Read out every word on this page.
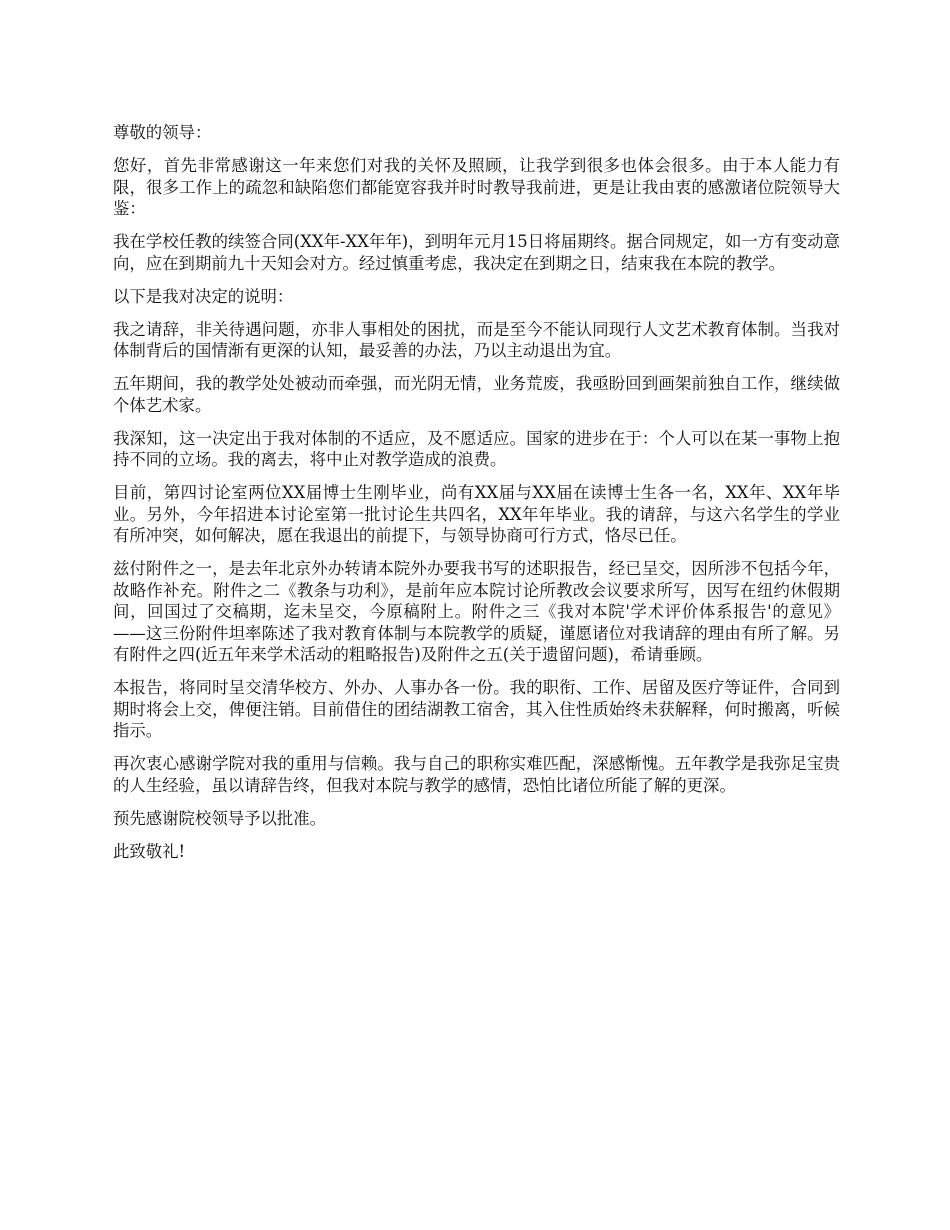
尊敬的领导：

您好，首先非常感谢这一年来您们对我的关怀及照顾，让我学到很多也体会很多。由于本人能力有限，很多工作上的疏忽和缺陷您们都能宽容我并时时教导我前进，更是让我由衷的感激诸位院领导大鉴：

我在学校任教的续签合同(XX年-XX年年)，到明年元月15日将届期终。据合同规定，如一方有变动意向，应在到期前九十天知会对方。经过慎重考虑，我决定在到期之日，结束我在本院的教学。

以下是我对决定的说明：

我之请辞，非关待遇问题，亦非人事相处的困扰，而是至今不能认同现行人文艺术教育体制。当我对体制背后的国情渐有更深的认知，最妥善的办法，乃以主动退出为宜。

五年期间，我的教学处处被动而牵强，而光阴无情，业务荒废，我亟盼回到画架前独自工作，继续做个体艺术家。

我深知，这一决定出于我对体制的不适应，及不愿适应。国家的进步在于：个人可以在某一事物上抱持不同的立场。我的离去，将中止对教学造成的浪费。

目前，第四讨论室两位XX届博士生刚毕业，尚有XX届与XX届在读博士生各一名，XX年、XX年毕业。另外，今年招进本讨论室第一批讨论生共四名，XX年年毕业。我的请辞，与这六名学生的学业有所冲突，如何解决，愿在我退出的前提下，与领导协商可行方式，恪尽已任。

兹付附件之一，是去年北京外办转请本院外办要我书写的述职报告，经已呈交，因所涉不包括今年，故略作补充。附件之二《教条与功利》，是前年应本院讨论所教改会议要求所写，因写在纽约休假期间，回国过了交稿期，迄未呈交，今原稿附上。附件之三《我对本院'学术评价体系报告'的意见》——这三份附件坦率陈述了我对教育体制与本院教学的质疑，谨愿诸位对我请辞的理由有所了解。另有附件之四(近五年来学术活动的粗略报告)及附件之五(关于遗留问题)，希请垂顾。

本报告，将同时呈交清华校方、外办、人事办各一份。我的职衔、工作、居留及医疗等证件，合同到期时将会上交，俾便注销。目前借住的团结湖教工宿舍，其入住性质始终未获解释，何时搬离，听候指示。

再次衷心感谢学院对我的重用与信赖。我与自己的职称实难匹配，深感惭愧。五年教学是我弥足宝贵的人生经验，虽以请辞告终，但我对本院与教学的感情，恐怕比诸位所能了解的更深。

预先感谢院校领导予以批准。

此致敬礼!
